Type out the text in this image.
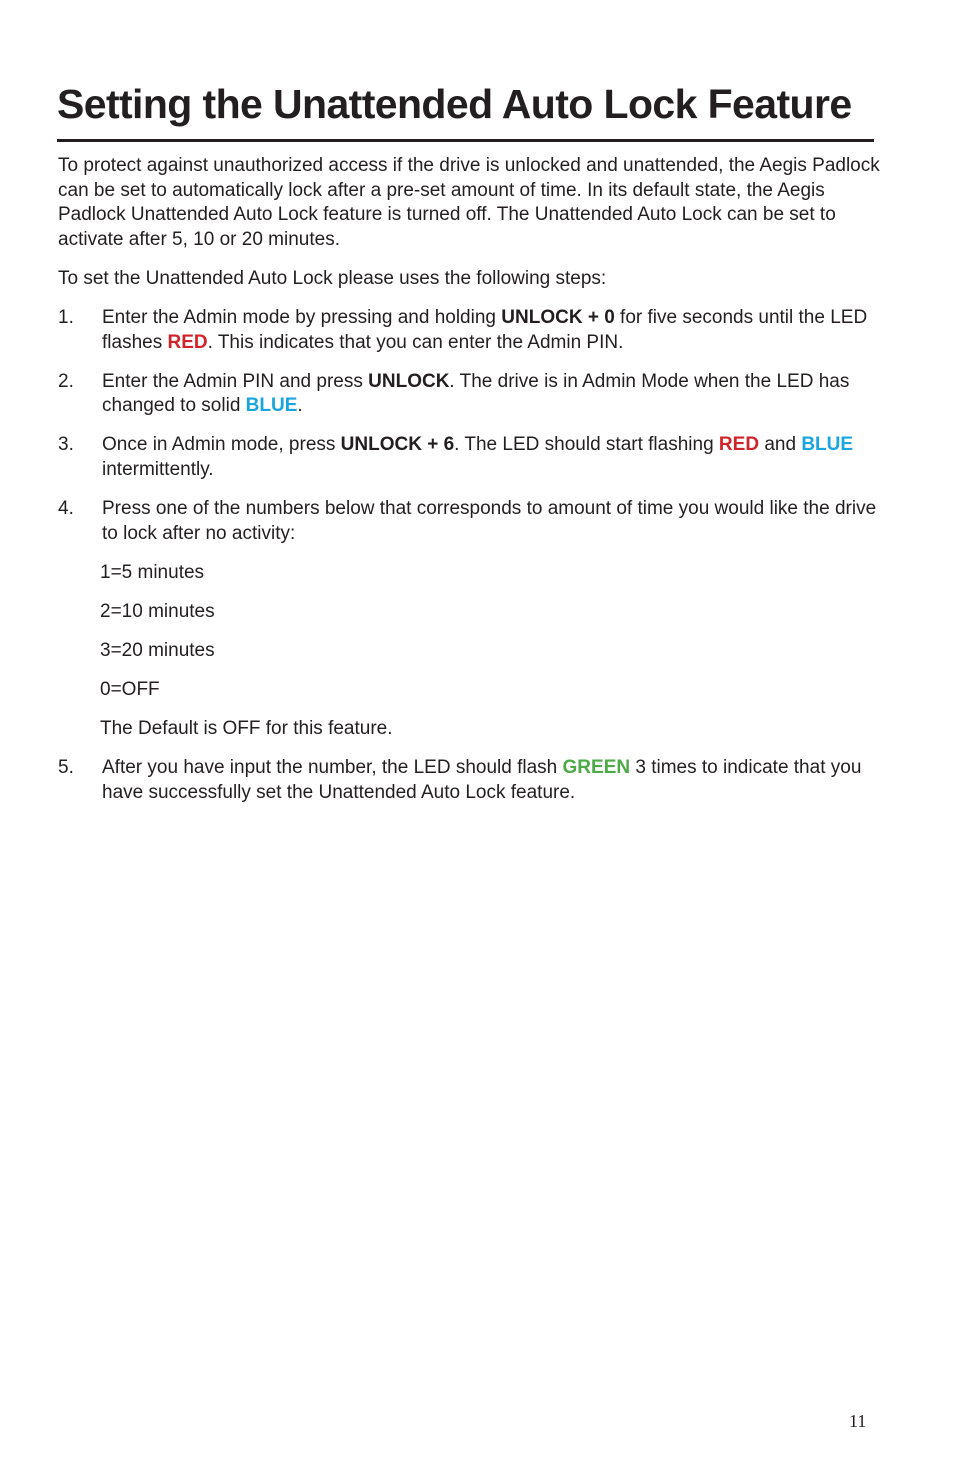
Setting the Unattended Auto Lock Feature

To protect against unauthorized access if the drive is unlocked and unattended, the Aegis Padlock can be set to automatically lock after a pre-set amount of time. In its default state, the Aegis Padlock Unattended Auto Lock feature is turned off. The Unattended Auto Lock can be set to activate after 5, 10 or 20 minutes.

To set the Unattended Auto Lock please uses the following steps:

1. Enter the Admin mode by pressing and holding UNLOCK + 0 for five seconds until the LED flashes RED. This indicates that you can enter the Admin PIN.
2. Enter the Admin PIN and press UNLOCK. The drive is in Admin Mode when the LED has changed to solid BLUE.
3. Once in Admin mode, press UNLOCK + 6. The LED should start flashing RED and BLUE intermittently.
4. Press one of the numbers below that corresponds to amount of time you would like the drive to lock after no activity:

1=5 minutes

2=10 minutes

3=20 minutes

0=OFF

The Default is OFF for this feature.

5. After you have input the number, the LED should flash GREEN 3 times to indicate that you have successfully set the Unattended Auto Lock feature.
11
